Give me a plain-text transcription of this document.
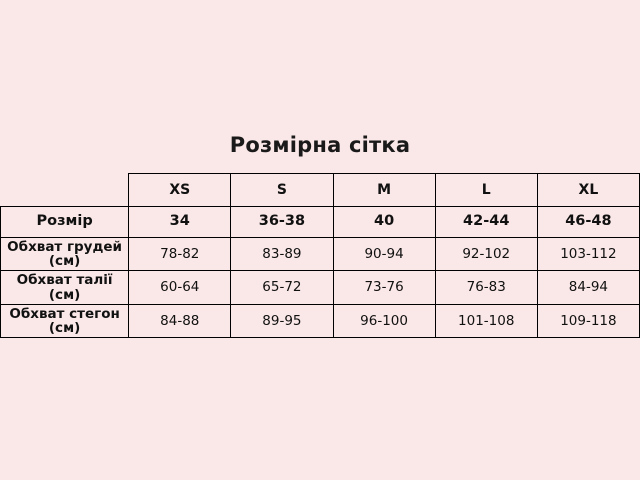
Розмірна сітка
	XS	S	M	L	XL
Розмір	34	36-38	40	42-44	46-48
Обхват грудей (см)	78-82	83-89	90-94	92-102	103-112
Обхват талії (см)	60-64	65-72	73-76	76-83	84-94
Обхват стегон (см)	84-88	89-95	96-100	101-108	109-118
